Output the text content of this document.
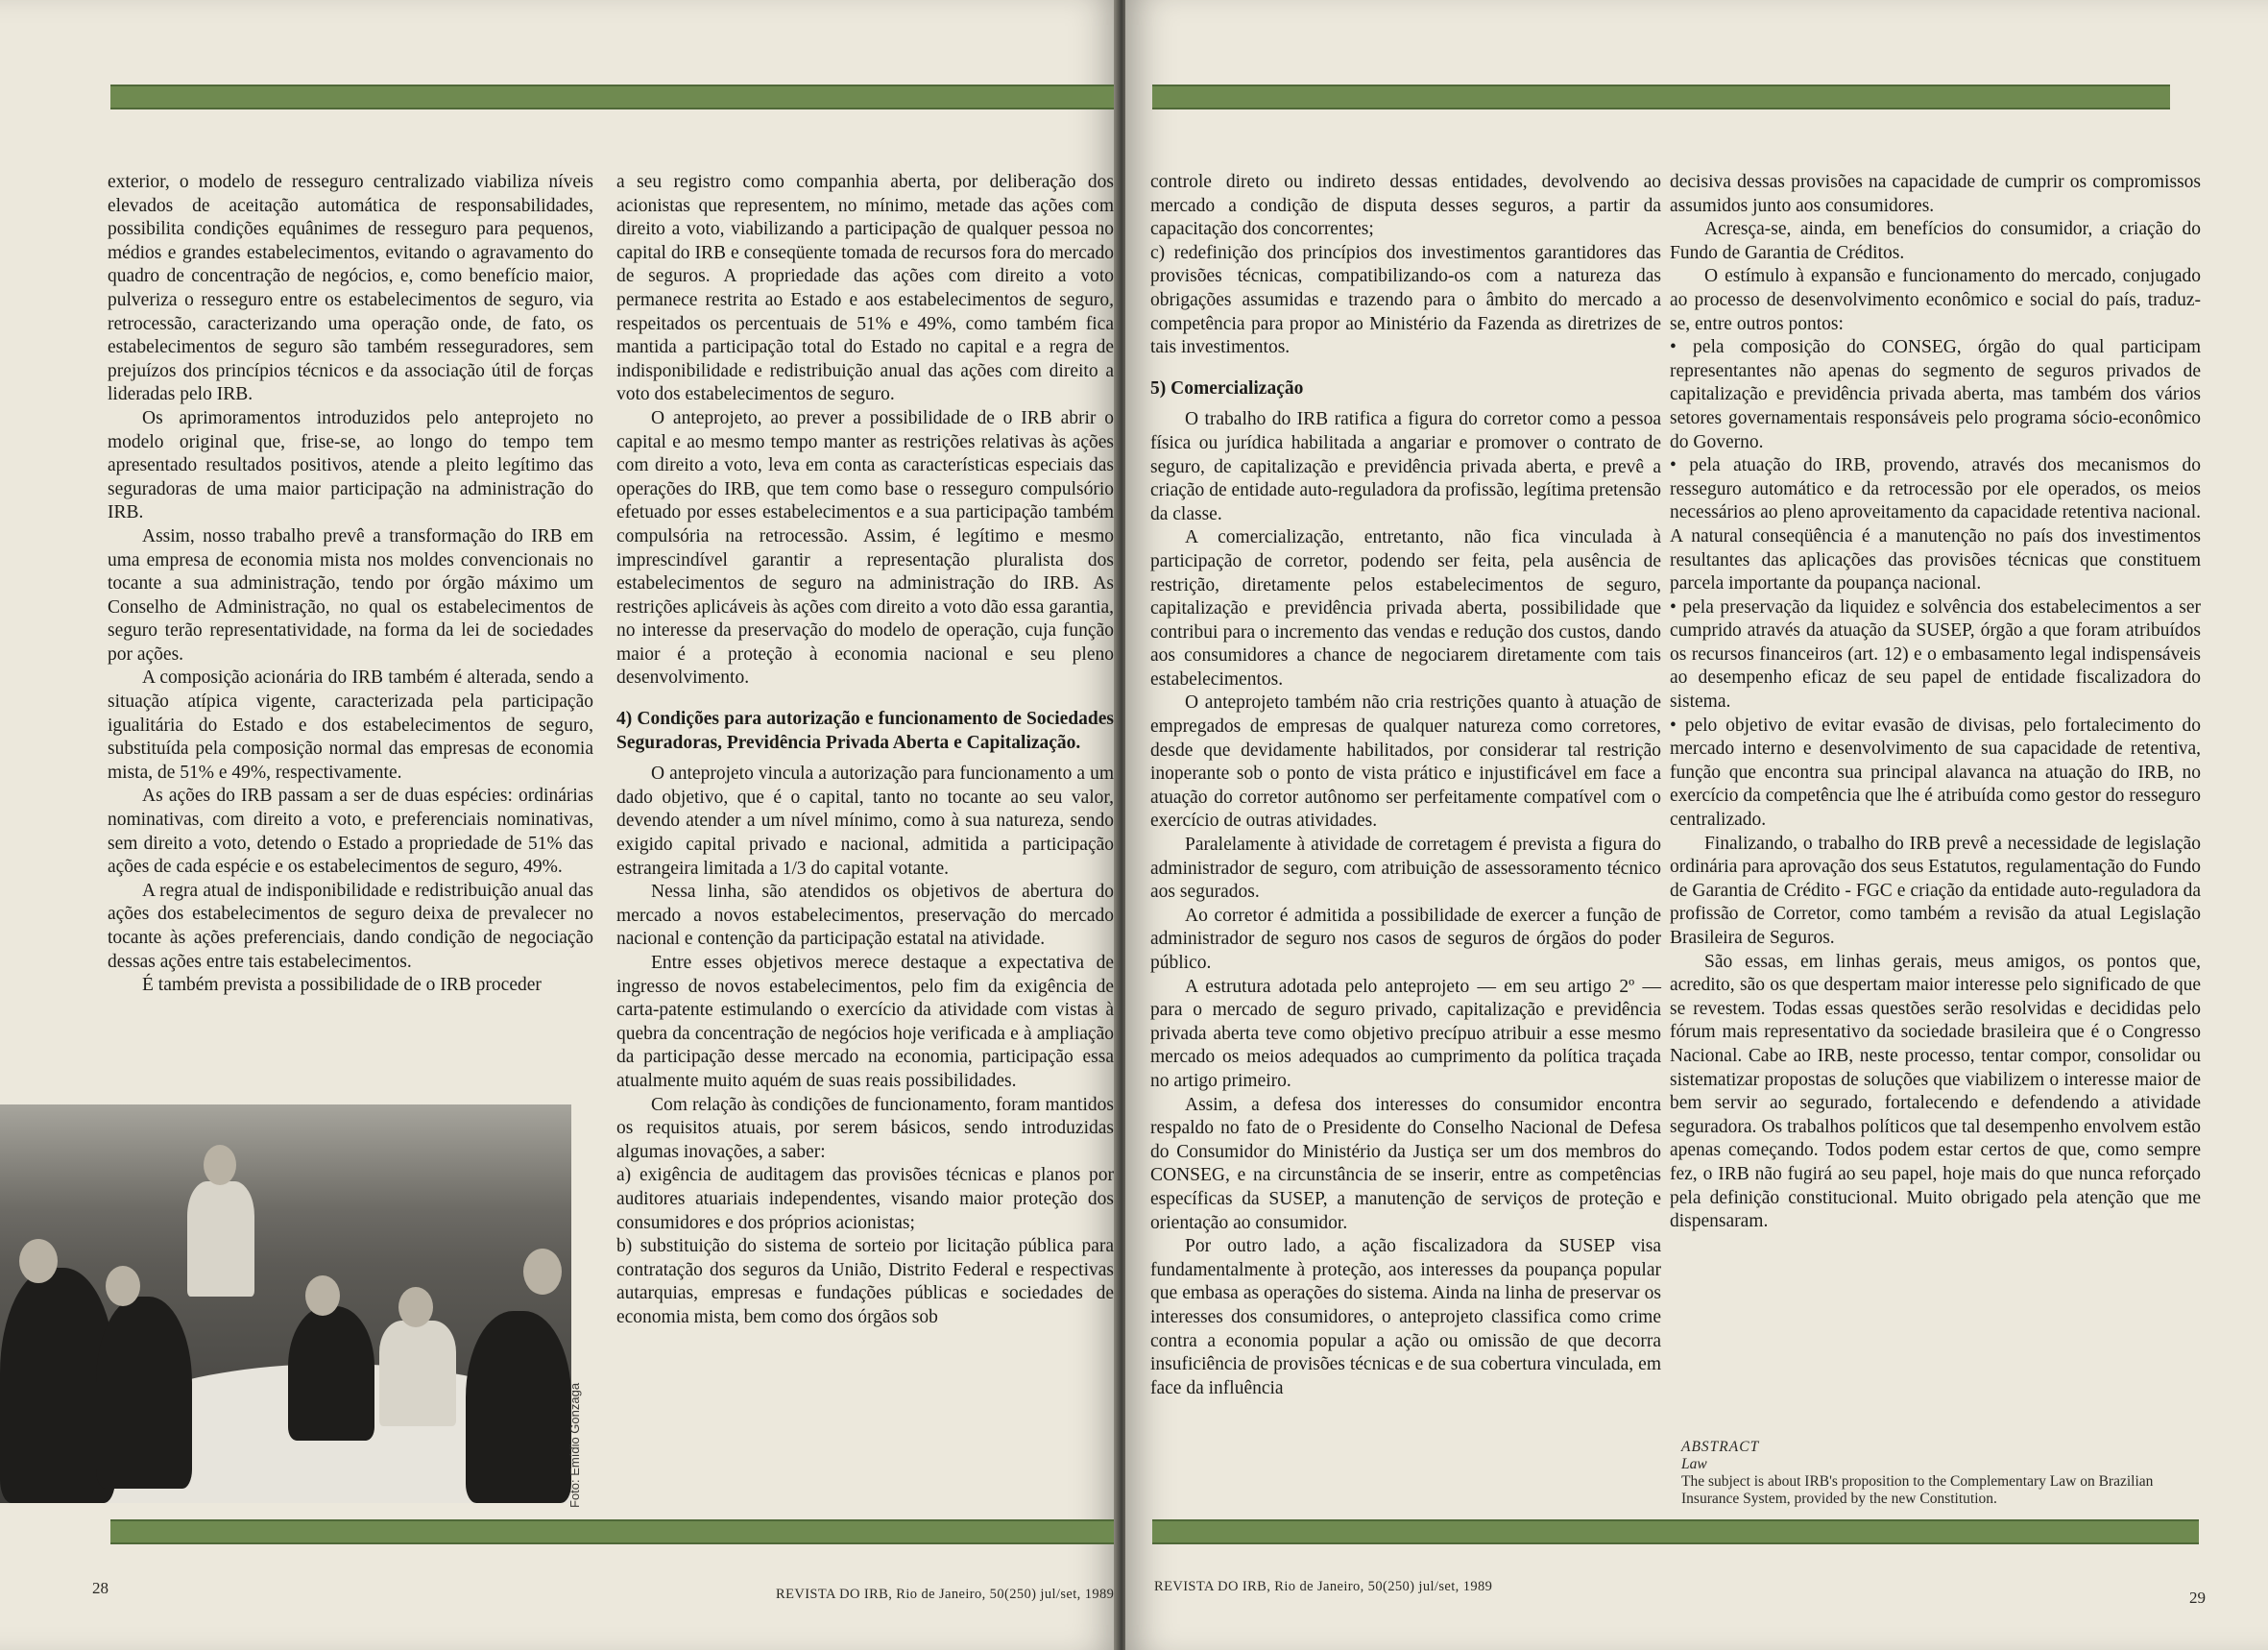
exterior, o modelo de resseguro centralizado viabiliza níveis elevados de aceitação automática de responsabilidades, possibilita condições equânimes de resseguro para pequenos, médios e grandes estabelecimentos, evitando o agravamento do quadro de concentração de negócios, e, como benefício maior, pulveriza o resseguro entre os estabelecimentos de seguro, via retrocessão, caracterizando uma operação onde, de fato, os estabelecimentos de seguro são também resseguradores, sem prejuízos dos princípios técnicos e da associação útil de forças lideradas pelo IRB.

Os aprimoramentos introduzidos pelo anteprojeto no modelo original que, frise-se, ao longo do tempo tem apresentado resultados positivos, atende a pleito legítimo das seguradoras de uma maior participação na administração do IRB.

Assim, nosso trabalho prevê a transformação do IRB em uma empresa de economia mista nos moldes convencionais no tocante a sua administração, tendo por órgão máximo um Conselho de Administração, no qual os estabelecimentos de seguro terão representatividade, na forma da lei de sociedades por ações.

A composição acionária do IRB também é alterada, sendo a situação atípica vigente, caracterizada pela participação igualitária do Estado e dos estabelecimentos de seguro, substituída pela composição normal das empresas de economia mista, de 51% e 49%, respectivamente.

As ações do IRB passam a ser de duas espécies: ordinárias nominativas, com direito a voto, e preferenciais nominativas, sem direito a voto, detendo o Estado a propriedade de 51% das ações de cada espécie e os estabelecimentos de seguro, 49%.

A regra atual de indisponibilidade e redistribuição anual das ações dos estabelecimentos de seguro deixa de prevalecer no tocante às ações preferenciais, dando condição de negociação dessas ações entre tais estabelecimentos.

É também prevista a possibilidade de o IRB proceder

a seu registro como companhia aberta, por deliberação dos acionistas que representem, no mínimo, metade das ações com direito a voto, viabilizando a participação de qualquer pessoa no capital do IRB e conseqüente tomada de recursos fora do mercado de seguros. A propriedade das ações com direito a voto permanece restrita ao Estado e aos estabelecimentos de seguro, respeitados os percentuais de 51% e 49%, como também fica mantida a participação total do Estado no capital e a regra de indisponibilidade e redistribuição anual das ações com direito a voto dos estabelecimentos de seguro.

O anteprojeto, ao prever a possibilidade de o IRB abrir o capital e ao mesmo tempo manter as restrições relativas às ações com direito a voto, leva em conta as características especiais das operações do IRB, que tem como base o resseguro compulsório efetuado por esses estabelecimentos e a sua participação também compulsória na retrocessão. Assim, é legítimo e mesmo imprescindível garantir a representação pluralista dos estabelecimentos de seguro na administração do IRB. As restrições aplicáveis às ações com direito a voto dão essa garantia, no interesse da preservação do modelo de operação, cuja função maior é a proteção à economia nacional e seu pleno desenvolvimento.

4) Condições para autorização e funcionamento de Sociedades Seguradoras, Previdência Privada Aberta e Capitalização.

O anteprojeto vincula a autorização para funcionamento a um dado objetivo, que é o capital, tanto no tocante ao seu valor, devendo atender a um nível mínimo, como à sua natureza, sendo exigido capital privado e nacional, admitida a participação estrangeira limitada a 1/3 do capital votante.

Nessa linha, são atendidos os objetivos de abertura do mercado a novos estabelecimentos, preservação do mercado nacional e contenção da participação estatal na atividade.

Entre esses objetivos merece destaque a expectativa de ingresso de novos estabelecimentos, pelo fim da exigência de carta-patente estimulando o exercício da atividade com vistas à quebra da concentração de negócios hoje verificada e à ampliação da participação desse mercado na economia, participação essa atualmente muito aquém de suas reais possibilidades.

Com relação às condições de funcionamento, foram mantidos os requisitos atuais, por serem básicos, sendo introduzidas algumas inovações, a saber:

a) exigência de auditagem das provisões técnicas e planos por auditores atuariais independentes, visando maior proteção dos consumidores e dos próprios acionistas;

b) substituição do sistema de sorteio por licitação pública para contratação dos seguros da União, Distrito Federal e respectivas autarquias, empresas e fundações públicas e sociedades de economia mista, bem como dos órgãos sob

Foto: Emídio Gonzaga
28	REVISTA DO IRB, Rio de Janeiro, 50(250) jul/set, 1989

controle direto ou indireto dessas entidades, devolvendo ao mercado a condição de disputa desses seguros, a partir da capacitação dos concorrentes;

c) redefinição dos princípios dos investimentos garantidores das provisões técnicas, compatibilizando-os com a natureza das obrigações assumidas e trazendo para o âmbito do mercado a competência para propor ao Ministério da Fazenda as diretrizes de tais investimentos.

5) Comercialização

O trabalho do IRB ratifica a figura do corretor como a pessoa física ou jurídica habilitada a angariar e promover o contrato de seguro, de capitalização e previdência privada aberta, e prevê a criação de entidade auto-reguladora da profissão, legítima pretensão da classe.

A comercialização, entretanto, não fica vinculada à participação de corretor, podendo ser feita, pela ausência de restrição, diretamente pelos estabelecimentos de seguro, capitalização e previdência privada aberta, possibilidade que contribui para o incremento das vendas e redução dos custos, dando aos consumidores a chance de negociarem diretamente com tais estabelecimentos.

O anteprojeto também não cria restrições quanto à atuação de empregados de empresas de qualquer natureza como corretores, desde que devidamente habilitados, por considerar tal restrição inoperante sob o ponto de vista prático e injustificável em face a atuação do corretor autônomo ser perfeitamente compatível com o exercício de outras atividades.

Paralelamente à atividade de corretagem é prevista a figura do administrador de seguro, com atribuição de assessoramento técnico aos segurados.

Ao corretor é admitida a possibilidade de exercer a função de administrador de seguro nos casos de seguros de órgãos do poder público.

A estrutura adotada pelo anteprojeto — em seu artigo 2º — para o mercado de seguro privado, capitalização e previdência privada aberta teve como objetivo precípuo atribuir a esse mesmo mercado os meios adequados ao cumprimento da política traçada no artigo primeiro.

Assim, a defesa dos interesses do consumidor encontra respaldo no fato de o Presidente do Conselho Nacional de Defesa do Consumidor do Ministério da Justiça ser um dos membros do CONSEG, e na circunstância de se inserir, entre as competências específicas da SUSEP, a manutenção de serviços de proteção e orientação ao consumidor.

Por outro lado, a ação fiscalizadora da SUSEP visa fundamentalmente à proteção, aos interesses da poupança popular que embasa as operações do sistema. Ainda na linha de preservar os interesses dos consumidores, o anteprojeto classifica como crime contra a economia popular a ação ou omissão de que decorra insuficiência de provisões técnicas e de sua cobertura vinculada, em face da influência

decisiva dessas provisões na capacidade de cumprir os compromissos assumidos junto aos consumidores.

Acresça-se, ainda, em benefícios do consumidor, a criação do Fundo de Garantia de Créditos.

O estímulo à expansão e funcionamento do mercado, conjugado ao processo de desenvolvimento econômico e social do país, traduz-se, entre outros pontos:

• pela composição do CONSEG, órgão do qual participam representantes não apenas do segmento de seguros privados de capitalização e previdência privada aberta, mas também dos vários setores governamentais responsáveis pelo programa sócio-econômico do Governo.

• pela atuação do IRB, provendo, através dos mecanismos do resseguro automático e da retrocessão por ele operados, os meios necessários ao pleno aproveitamento da capacidade retentiva nacional. A natural conseqüência é a manutenção no país dos investimentos resultantes das aplicações das provisões técnicas que constituem parcela importante da poupança nacional.

• pela preservação da liquidez e solvência dos estabelecimentos a ser cumprido através da atuação da SUSEP, órgão a que foram atribuídos os recursos financeiros (art. 12) e o embasamento legal indispensáveis ao desempenho eficaz de seu papel de entidade fiscalizadora do sistema.

• pelo objetivo de evitar evasão de divisas, pelo fortalecimento do mercado interno e desenvolvimento de sua capacidade de retentiva, função que encontra sua principal alavanca na atuação do IRB, no exercício da competência que lhe é atribuída como gestor do resseguro centralizado.

Finalizando, o trabalho do IRB prevê a necessidade de legislação ordinária para aprovação dos seus Estatutos, regulamentação do Fundo de Garantia de Crédito - FGC e criação da entidade auto-reguladora da profissão de Corretor, como também a revisão da atual Legislação Brasileira de Seguros.

São essas, em linhas gerais, meus amigos, os pontos que, acredito, são os que despertam maior interesse pelo significado de que se revestem. Todas essas questões serão resolvidas e decididas pelo fórum mais representativo da sociedade brasileira que é o Congresso Nacional. Cabe ao IRB, neste processo, tentar compor, consolidar ou sistematizar propostas de soluções que viabilizem o interesse maior de bem servir ao segurado, fortalecendo e defendendo a atividade seguradora. Os trabalhos políticos que tal desempenho envolvem estão apenas começando. Todos podem estar certos de que, como sempre fez, o IRB não fugirá ao seu papel, hoje mais do que nunca reforçado pela definição constitucional. Muito obrigado pela atenção que me dispensaram.

REVISTA DO IRB, Rio de Janeiro, 50(250) jul/set, 1989
29
ABSTRACT
Law
The subject is about IRB's proposition to the Complementary Law on Brazilian Insurance System, provided by the new Constitution.
